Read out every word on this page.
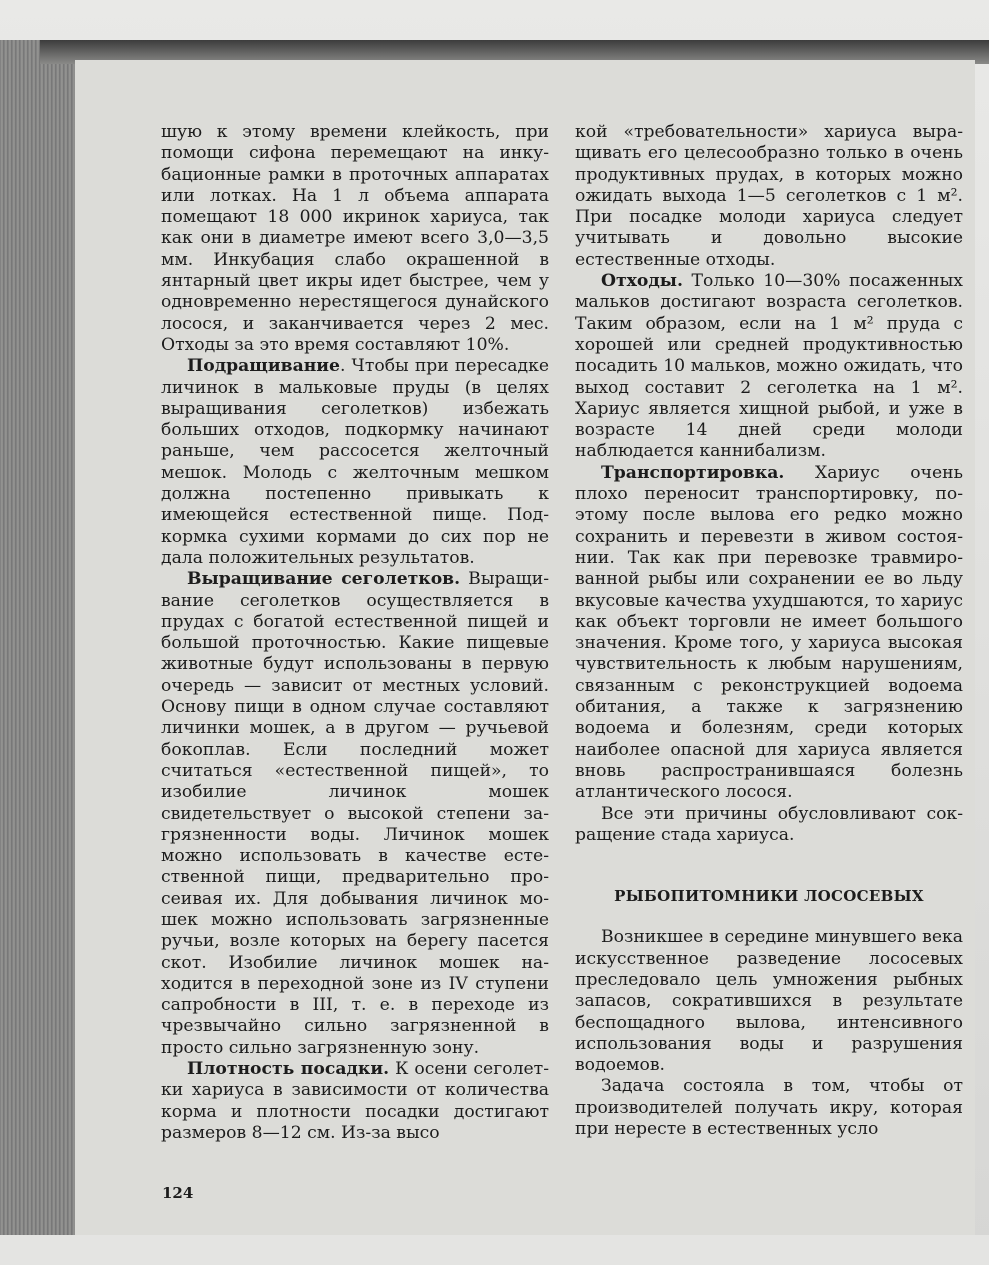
шую к этому времени клейкость, при помощи сифона перемещают на инкубационные рамки в проточных аппаратах или лотках. На 1 л объема аппарата помещают 18 000 икринок хариуса, так как они в диаметре имеют всего 3,0—3,5 мм. Инкубация слабо окрашенной в янтарный цвет икры идет быстрее, чем у одновременно нерестящегося дунайского лосося, и заканчивается через 2 мес. Отходы за это время составляют 10%.

Подращивание. Чтобы при пересадке личинок в мальковые пруды (в целях выращивания сеголетков) избежать больших отходов, подкормку начинают раньше, чем рассосется желточный мешок. Молодь с желточным мешком должна постепенно привыкать к имеющейся естественной пище. Подкормка сухими кормами до сих пор не дала положительных результатов.

Выращивание сеголетков. Выращивание сеголетков осуществляется в прудах с богатой естественной пищей и большой проточностью. Какие пищевые животные будут использованы в первую очередь — зависит от местных условий. Основу пищи в одном случае составляют личинки мошек, а в другом — ручьевой бокоплав. Если последний может считаться «естественной пищей», то изобилие личинок мошек свидетельствует о высокой степени загрязненности воды. Личинок мошек можно использовать в качестве естественной пищи, предварительно просеивая их. Для добывания личинок мошек можно использовать загрязненные ручьи, возле которых на берегу пасется скот. Изобилие личинок мошек находится в переходной зоне из IV ступени сапробности в III, т. е. в переходе из чрезвычайно сильно загрязненной в просто сильно загрязненную зону.

Плотность посадки. К осени сеголетки хариуса в зависимости от количества корма и плотности посадки достигают размеров 8—12 см. Из-за высо

кой «требовательности» хариуса выращивать его целесообразно только в очень продуктивных прудах, в которых можно ожидать выхода 1—5 сеголетков с 1 м². При посадке молоди хариуса следует учитывать и довольно высокие естественные отходы.

Отходы. Только 10—30% посаженных мальков достигают возраста сеголетков. Таким образом, если на 1 м² пруда с хорошей или средней продуктивностью посадить 10 мальков, можно ожидать, что выход составит 2 сеголетка на 1 м². Хариус является хищной рыбой, и уже в возрасте 14 дней среди молоди наблюдается каннибaлизм.

Транспортировка. Хариус очень плохо переносит транспортировку, поэтому после вылова его редко можно сохранить и перевезти в живом состоянии. Так как при перевозке травмированной рыбы или сохранении ее во льду вкусовые качества ухудшаются, то хариус как объект торговли не имеет большого значения. Кроме того, у хариуса высокая чувствительность к любым нарушениям, связанным с реконструкцией водоема обитания, а также к загрязнению водоема и болезням, среди которых наиболее опасной для хариуса является вновь распространившаяся болезнь атлантического лосося.

Все эти причины обусловливают сокращение стада хариуса.

РЫБОПИТОМНИКИ ЛОСОСЕВЫХ

Возникшее в середине минувшего века искусственное разведение лососевых преследовало цель умножения рыбных запасов, сократившихся в результате беспощадного вылова, интенсивного использования воды и разрушения водоемов.

Задача состояла в том, чтобы от производителей получать икру, которая при нересте в естественных усло

124
